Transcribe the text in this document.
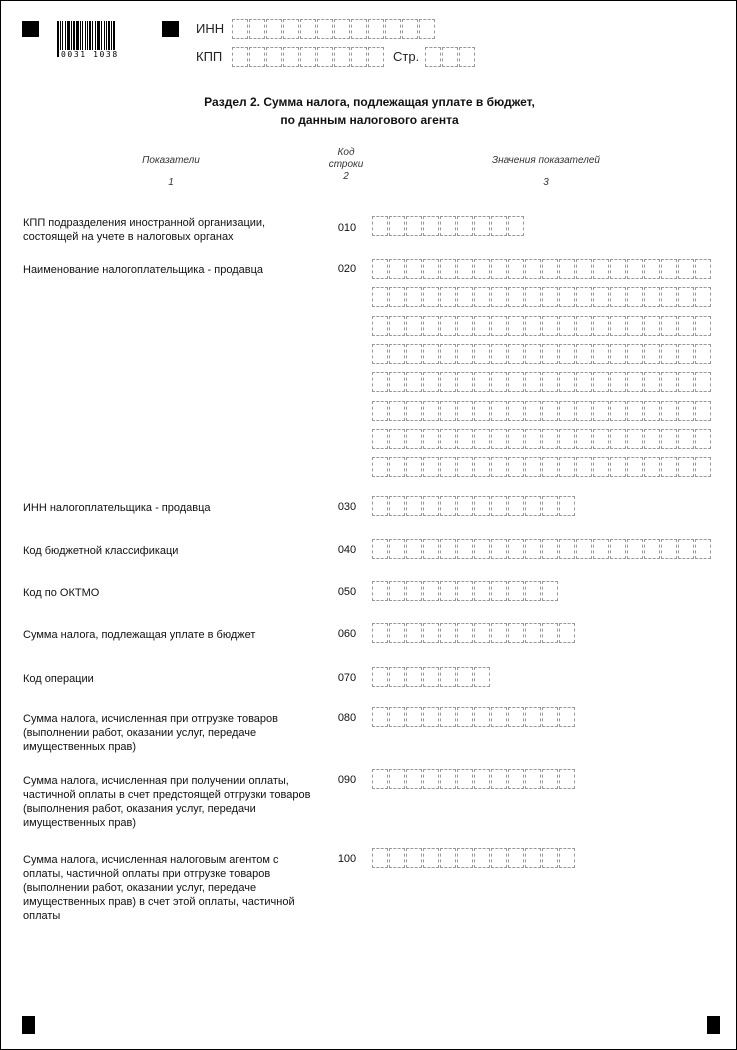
0031 1038
ИНН
КПП	Стр.
Раздел 2. Сумма налога, подлежащая уплате в бюджет,
по данным налогового агента
Показатели
1
Код
строки
2
Значения показателей
3
КПП подразделения иностранной организации, состоящей на учете в налоговых органах
010
Наименование налогоплательщика - продавца	020
ИНН налогоплательщика - продавца	030
Код бюджетной классификаци	040
Код по ОКТМО	050
Сумма налога, подлежащая уплате в бюджет	060
Код операции	070
Сумма налога, исчисленная при отгрузке товаров (выполнении работ, оказании услуг, передаче имущественных прав)
080
Сумма налога, исчисленная при получении оплаты, частичной оплаты в счет предстоящей отгрузки товаров (выполнения работ, оказания услуг, передачи имущественных прав)
090
Сумма налога, исчисленная налоговым агентом с оплаты, частичной оплаты при отгрузке товаров (выполнении работ, оказании услуг, передаче имущественных прав) в счет этой оплаты, частичной оплаты
100
